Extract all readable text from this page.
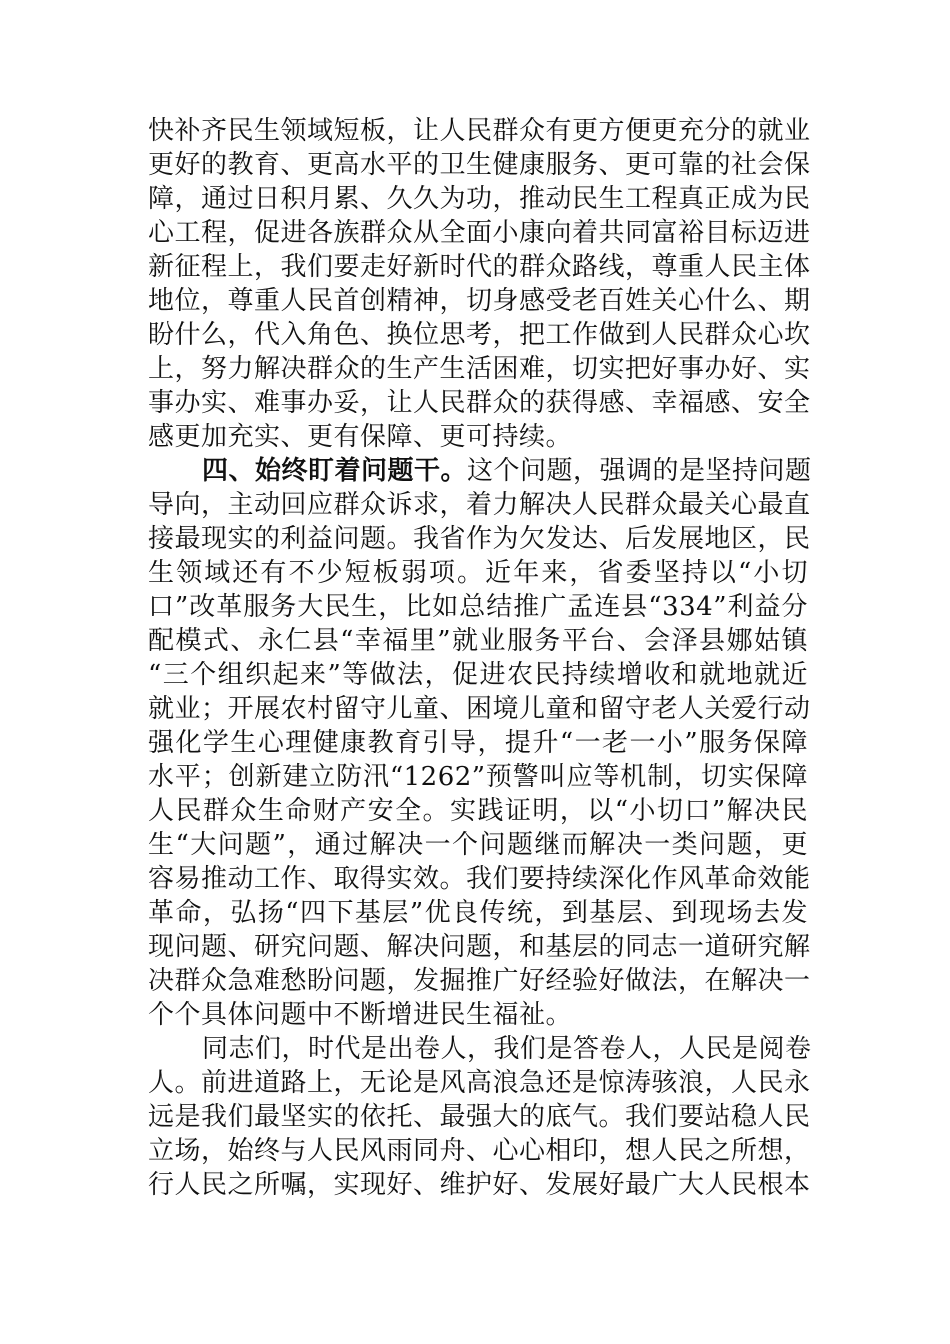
快补齐民生领域短板，让人民群众有更方便更充分的就业
更好的教育、更高水平的卫生健康服务、更可靠的社会保
障，通过日积月累、久久为功，推动民生工程真正成为民
心工程，促进各族群众从全面小康向着共同富裕目标迈进
新征程上，我们要走好新时代的群众路线，尊重人民主体
地位，尊重人民首创精神，切身感受老百姓关心什么、期
盼什么，代入角色、换位思考，把工作做到人民群众心坎
上，努力解决群众的生产生活困难，切实把好事办好、实
事办实、难事办妥，让人民群众的获得感、幸福感、安全
感更加充实、更有保障、更可持续。
四、始终盯着问题干。这个问题，强调的是坚持问题
导向，主动回应群众诉求，着力解决人民群众最关心最直
接最现实的利益问题。我省作为欠发达、后发展地区，民
生领域还有不少短板弱项。近年来，省委坚持以“小切
口”改革服务大民生，比如总结推广孟连县“334”利益分
配模式、永仁县“幸福里”就业服务平台、会泽县娜姑镇
“三个组织起来”等做法，促进农民持续增收和就地就近
就业；开展农村留守儿童、困境儿童和留守老人关爱行动
强化学生心理健康教育引导，提升“一老一小”服务保障
水平；创新建立防汛“1262”预警叫应等机制，切实保障
人民群众生命财产安全。实践证明，以“小切口”解决民
生“大问题”，通过解决一个问题继而解决一类问题，更
容易推动工作、取得实效。我们要持续深化作风革命效能
革命，弘扬“四下基层”优良传统，到基层、到现场去发
现问题、研究问题、解决问题，和基层的同志一道研究解
决群众急难愁盼问题，发掘推广好经验好做法，在解决一
个个具体问题中不断增进民生福祉。
同志们，时代是出卷人，我们是答卷人，人民是阅卷
人。前进道路上，无论是风高浪急还是惊涛骇浪，人民永
远是我们最坚实的依托、最强大的底气。我们要站稳人民
立场，始终与人民风雨同舟、心心相印，想人民之所想，
行人民之所嘱，实现好、维护好、发展好最广大人民根本
